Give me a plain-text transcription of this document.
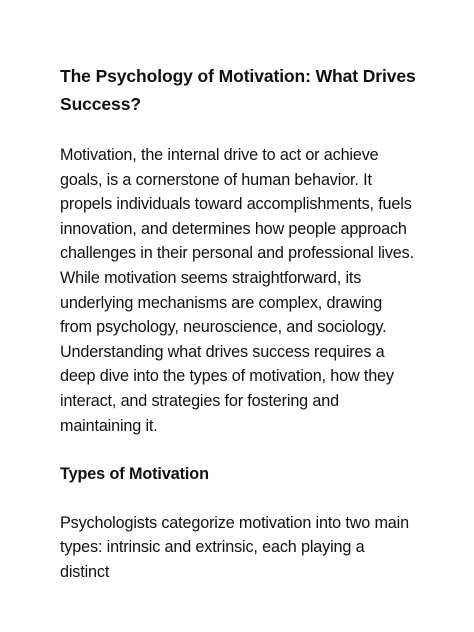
The Psychology of Motivation: What Drives Success?

Motivation, the internal drive to act or achieve goals, is a cornerstone of human behavior. It propels individuals toward accomplishments, fuels innovation, and determines how people approach challenges in their personal and professional lives. While motivation seems straightforward, its underlying mechanisms are complex, drawing from psychology, neuroscience, and sociology. Understanding what drives success requires a deep dive into the types of motivation, how they interact, and strategies for fostering and maintaining it.

Types of Motivation

Psychologists categorize motivation into two main types: intrinsic and extrinsic, each playing a distinct
